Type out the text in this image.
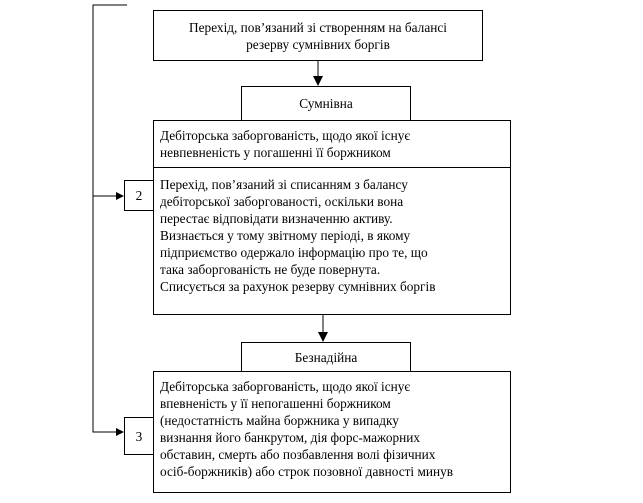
Перехід, пов’язаний зі створенням на балансі
резерву сумнівних боргів
Сумнівна
Дебіторська заборгованість, щодо якої існує
невпевненість у погашенні її боржником
2
Перехід, пов’язаний зі списанням з балансу
дебіторської заборгованості, оскільки вона
перестає відповідати визначенню активу.
Визнається у тому звітному періоді, в якому
підприємство одержало інформацію про те, що
така заборгованість не буде повернута.
Списується за рахунок резерву сумнівних боргів
Безнадійна
3
Дебіторська заборгованість, щодо якої існує
впевненість у її непогашенні боржником
(недостатність майна боржника у випадку
визнання його банкрутом, дія форс-мажорних
обставин, смерть або позбавлення волі фізичних
осіб-боржників) або строк позовної давності минув
